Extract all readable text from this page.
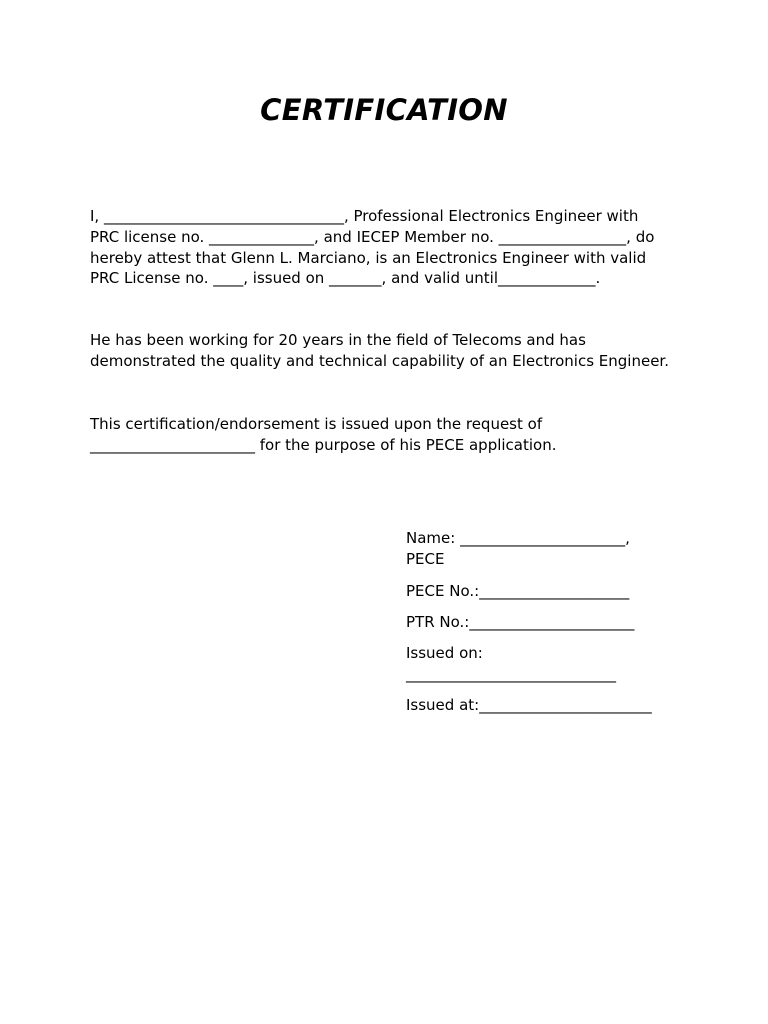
CERTIFICATION

I, ________________________________, Professional Electronics Engineer with
PRC license no. ______________, and IECEP Member no. _________________, do
hereby attest that Glenn L. Marciano, is an Electronics Engineer with valid
PRC License no. ____, issued on _______, and valid until_____________.

He has been working for 20 years in the field of Telecoms and has
demonstrated the quality and technical capability of an Electronics Engineer.

This certification/endorsement is issued upon the request of
______________________ for the purpose of his PECE application.

Name: ______________________,
PECE

PECE No.:____________________

PTR No.:______________________

Issued on:
____________________________

Issued at:_______________________
